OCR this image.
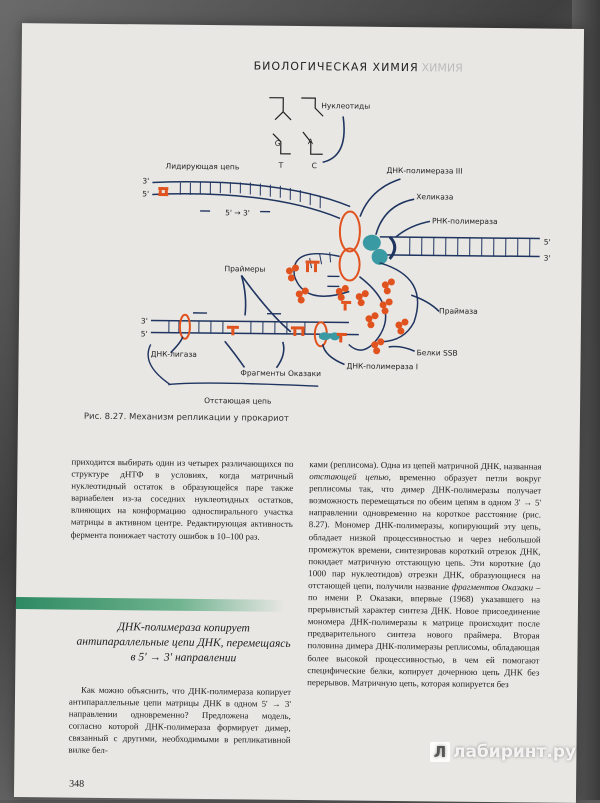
БИОЛОГИЧЕСКАЯ ХИМИЯ ХИМИЯ
G	A
T	C
Нуклеотиды
Лидирующая цепь
3'
5'
5' → 3'
5'
3'
ДНК-полимераза III
Хеликаза
РНК-полимераза
Праймеры
Праймаза
3'
5'
Белки SSB
ДНК-лигаза
ДНК-полимераза I
Фрагменты Оказаки
Отстающая цепь
Рис. 8.27. Механизм репликации у прокариот

приходится выбирать один из четырех различающихся по структуре дНТФ в условиях, когда матричный нуклеотидный остаток в образующейся паре также вариабелен из-за соседних нуклеотидных остатков, влияющих на конформацию односпирального участка матрицы в активном центре. Редактирующая активность фермента понижает частоту ошибок в 10–100 раз.

ДНК-полимераза копирует антипараллельные цепи ДНК, перемещаясь в 5' → 3' направлении

Как можно объяснить, что ДНК-полимераза копирует антипараллельные цепи матрицы ДНК в одном 5' → 3' направлении одновременно? Предложена модель, согласно которой ДНК-полимераза формирует димер, связанный с другими, необходимыми в репликативной вилке бел-

ками (реплисома). Одна из цепей матричной ДНК, названная отстающей цепью, временно образует петли вокруг реплисомы так, что димер ДНК-полимеразы получает возможность перемещаться по обеим цепям в одном 3' → 5' направлении одновременно на короткое расстояние (рис. 8.27). Мономер ДНК-полимеразы, копирующий эту цепь, обладает низкой процессивностью и через небольшой промежуток времени, синтезировав короткий отрезок ДНК, покидает матричную отстающую цепь. Эти короткие (до 1000 пар нуклеотидов) отрезки ДНК, образующиеся на отстающей цепи, получили название фрагментов Оказаки – по имени Р. Оказаки, впервые (1968) указавшего на прерывистый характер синтеза ДНК. Новое присоединение мономера ДНК-полимеразы к матрице происходит после предварительного синтеза нового праймера. Вторая половина димера ДНК-полимеразы реплисомы, обладающая более высокой процессивностью, в чем ей помогают специфические белки, копирует дочернюю цепь ДНК без перерывов. Матричную цепь, которая копируется без

348
Л лабиринт.ру
